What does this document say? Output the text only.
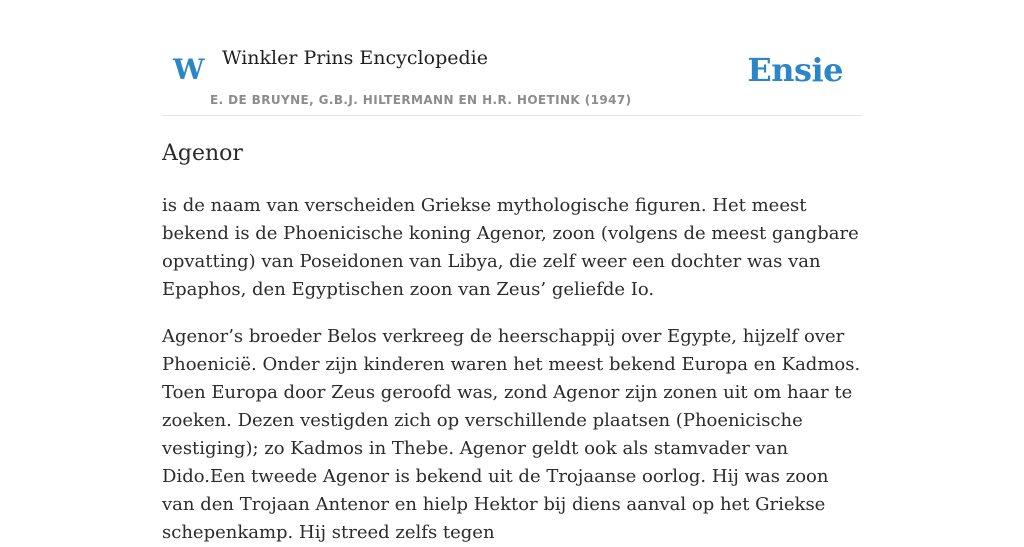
W Winkler Prins Encyclopedie
E. DE BRUYNE, G.B.J. HILTERMANN EN H.R. HOETINK (1947)
Ensie
Agenor

is de naam van verscheiden Griekse mythologische figuren. Het meest bekend is de Phoenicische koning Agenor, zoon (volgens de meest gangbare opvatting) van Poseidonen van Libya, die zelf weer een dochter was van Epaphos, den Egyptischen zoon van Zeus’ geliefde Io.

Agenor’s broeder Belos verkreeg de heerschappij over Egypte, hijzelf over Phoenicië. Onder zijn kinderen waren het meest bekend Europa en Kadmos. Toen Europa door Zeus geroofd was, zond Agenor zijn zonen uit om haar te zoeken. Dezen vestigden zich op verschillende plaatsen (Phoenicische vestiging); zo Kadmos in Thebe. Agenor geldt ook als stamvader van Dido.Een tweede Agenor is bekend uit de Trojaanse oorlog. Hij was zoon van den Trojaan Antenor en hielp Hektor bij diens aanval op het Griekse schepenkamp. Hij streed zelfs tegen
